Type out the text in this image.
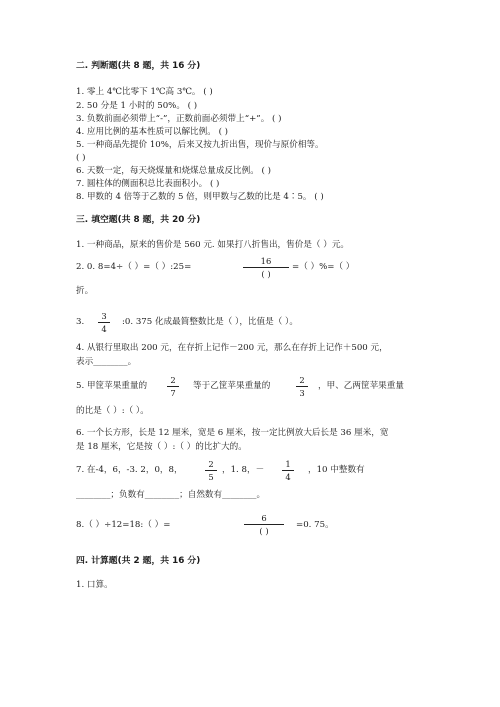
二. 判断题(共 8 题，共 16 分)
1. 零上 4℃比零下 1℃高 3℃。 ( )
2. 50 分是 1 小时的 50%。 ( )
3. 负数前面必须带上“-”，正数前面必须带上“+”。 ( )
4. 应用比例的基本性质可以解比例。 ( )
5. 一种商品先提价 10%，后来又按九折出售，现价与原价相等。
( )
6. 天数一定，每天烧煤量和烧煤总量成反比例。 ( )
7. 圆柱体的侧面积总比表面积小。 ( )
8. 甲数的 4 倍等于乙数的 5 倍，则甲数与乙数的比是 4∶5。 ( )
三. 填空题(共 8 题，共 20 分)
1. 一种商品，原来的售价是 560 元. 如果打八折售出，售价是（ ）元。
2. 0. 8=4÷（ ）=（ ）:25=
16
( )
=（ ）%=（ ）
折。
3.
3
4
:0. 375 化成最简整数比是（ ），比值是（ ）。
4. 从银行里取出 200 元，在存折上记作－200 元，那么在存折上记作＋500 元，
表示________。
5. 甲筐苹果重量的
2
7
等于乙筐苹果重量的
2
3
，甲、乙两筐苹果重量
的比是（ ）:（ ）。
6. 一个长方形，长是 12 厘米，宽是 6 厘米，按一定比例放大后长是 36 厘米，宽
是 18 厘米，它是按（ ）:（ ）的比扩大的。
7. 在-4，6，-3. 2，0，8，
2
5
，1. 8，－
1
4
，10 中整数有
________；负数有________；自然数有________。
8.（ ）÷12=18:（ ）=
6
( )
=0. 75。
四. 计算题(共 2 题，共 16 分)
1. 口算。
